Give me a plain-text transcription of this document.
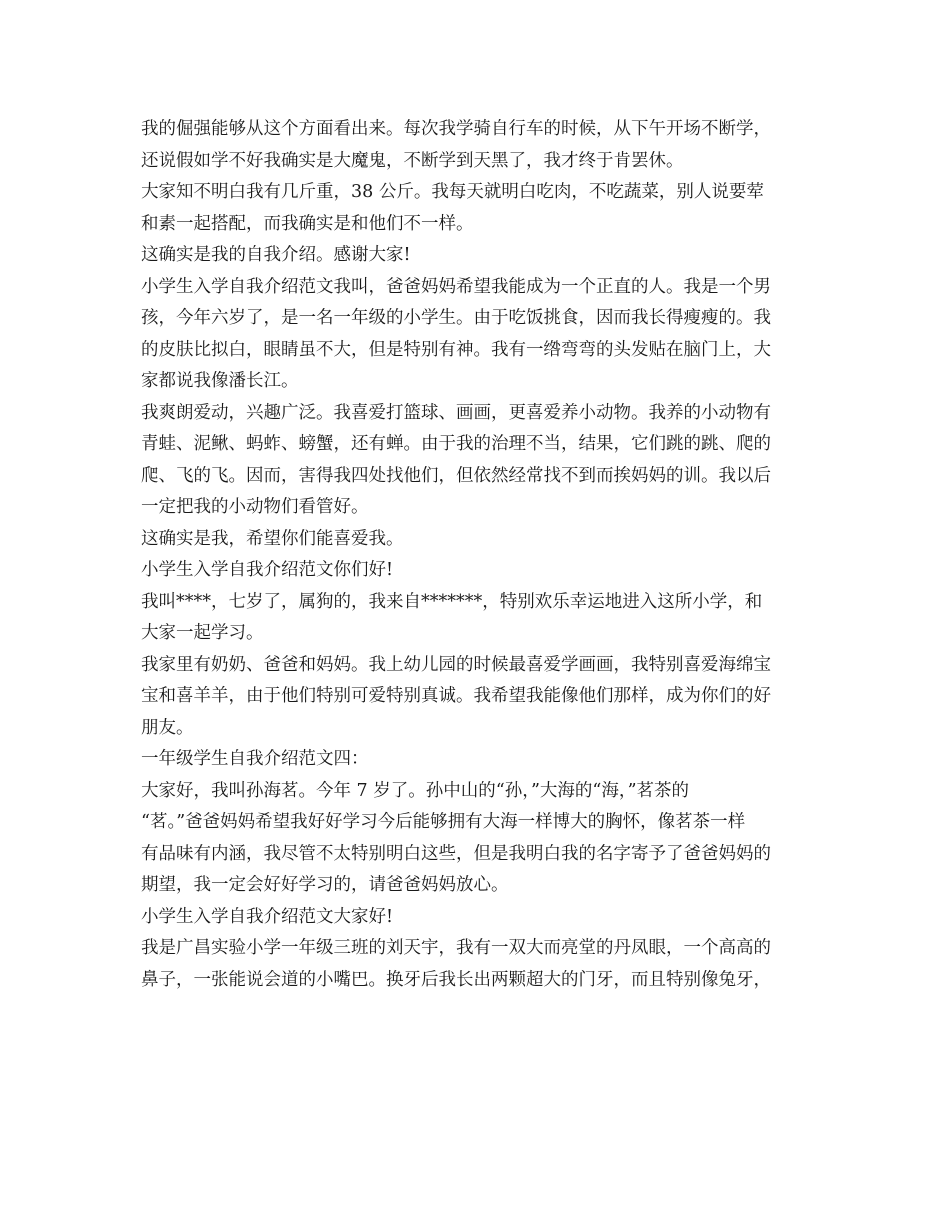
我的倔强能够从这个方面看出来。每次我学骑自行车的时候，从下午开场不断学，
还说假如学不好我确实是大魔鬼，不断学到天黑了，我才终于肯罢休。
大家知不明白我有几斤重，38 公斤。我每天就明白吃肉，不吃蔬菜，别人说要荤
和素一起搭配，而我确实是和他们不一样。
这确实是我的自我介绍。感谢大家!
小学生入学自我介绍范文我叫，爸爸妈妈希望我能成为一个正直的人。我是一个男
孩，今年六岁了，是一名一年级的小学生。由于吃饭挑食，因而我长得瘦瘦的。我
的皮肤比拟白，眼睛虽不大，但是特别有神。我有一绺弯弯的头发贴在脑门上，大
家都说我像潘长江。
我爽朗爱动，兴趣广泛。我喜爱打篮球、画画，更喜爱养小动物。我养的小动物有
青蛙、泥鳅、蚂蚱、螃蟹，还有蝉。由于我的治理不当，结果，它们跳的跳、爬的
爬、飞的飞。因而，害得我四处找他们，但依然经常找不到而挨妈妈的训。我以后
一定把我的小动物们看管好。
这确实是我，希望你们能喜爱我。
小学生入学自我介绍范文你们好!
我叫****，七岁了，属狗的，我来自*******，特别欢乐幸运地进入这所小学，和
大家一起学习。
我家里有奶奶、爸爸和妈妈。我上幼儿园的时候最喜爱学画画，我特别喜爱海绵宝
宝和喜羊羊，由于他们特别可爱特别真诚。我希望我能像他们那样，成为你们的好
朋友。
一年级学生自我介绍范文四：
大家好，我叫孙海茗。今年 7 岁了。孙中山的“孙，”大海的“海，”茗茶的
“茗。”爸爸妈妈希望我好好学习今后能够拥有大海一样博大的胸怀，像茗茶一样
有品味有内涵，我尽管不太特别明白这些，但是我明白我的名字寄予了爸爸妈妈的
期望，我一定会好好学习的，请爸爸妈妈放心。
小学生入学自我介绍范文大家好!
我是广昌实验小学一年级三班的刘天宇，我有一双大而亮堂的丹凤眼，一个高高的
鼻子，一张能说会道的小嘴巴。换牙后我长出两颗超大的门牙，而且特别像兔牙，
